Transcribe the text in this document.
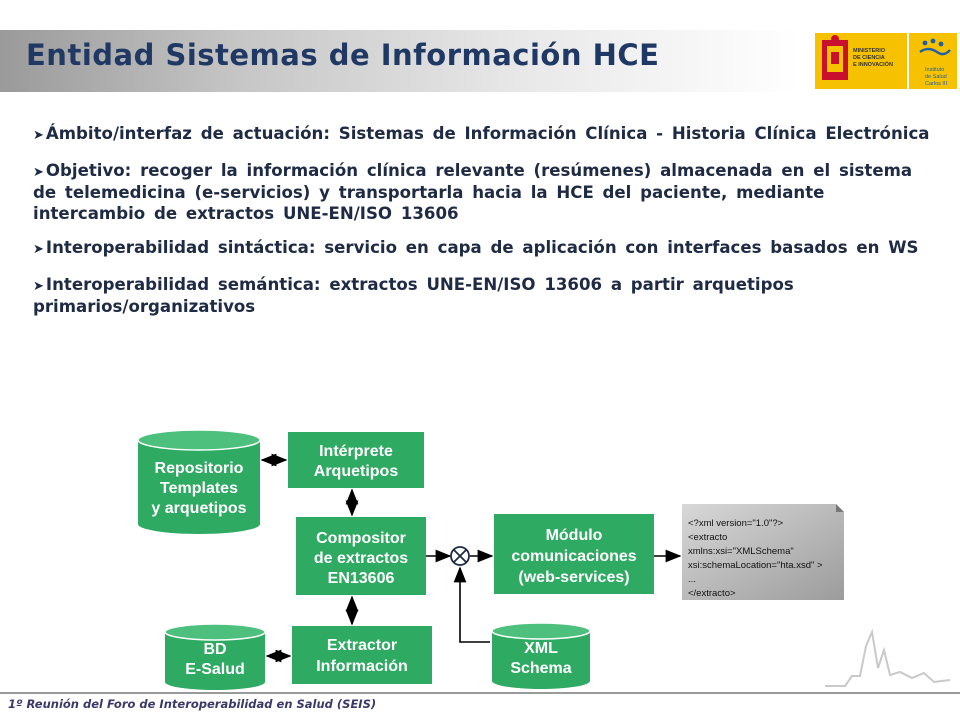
Entidad Sistemas de Información HCE	MINISTERIO
DE CIENCIA
E INNOVACIÓN
Instituto
de Salud
Carlos III
➤ Ámbito/interfaz de actuación: Sistemas de Información Clínica - Historia Clínica Electrónica
➤ Objetivo: recoger la información clínica relevante (resúmenes) almacenada en el sistema de telemedicina (e-servicios) y transportarla hacia la HCE del paciente, mediante intercambio de extractos UNE-EN/ISO 13606
➤ Interoperabilidad sintáctica: servicio en capa de aplicación con interfaces basados en WS
➤ Interoperabilidad semántica: extractos UNE-EN/ISO 13606 a partir arquetipos primarios/organizativos
Repositorio
Templates
y arquetipos
Intérprete
Arquetipos
Compositor
de extractos
EN13606
Módulo
comunicaciones
(web-services)
<?xml version="1.0"?>
<extracto
xmlns:xsi="XMLSchema"
xsi:schemaLocation="hta.xsd" >
...
</extracto>
BD
E-Salud
Extractor
Información
XML
Schema
1º Reunión del Foro de Interoperabilidad en Salud (SEIS)
